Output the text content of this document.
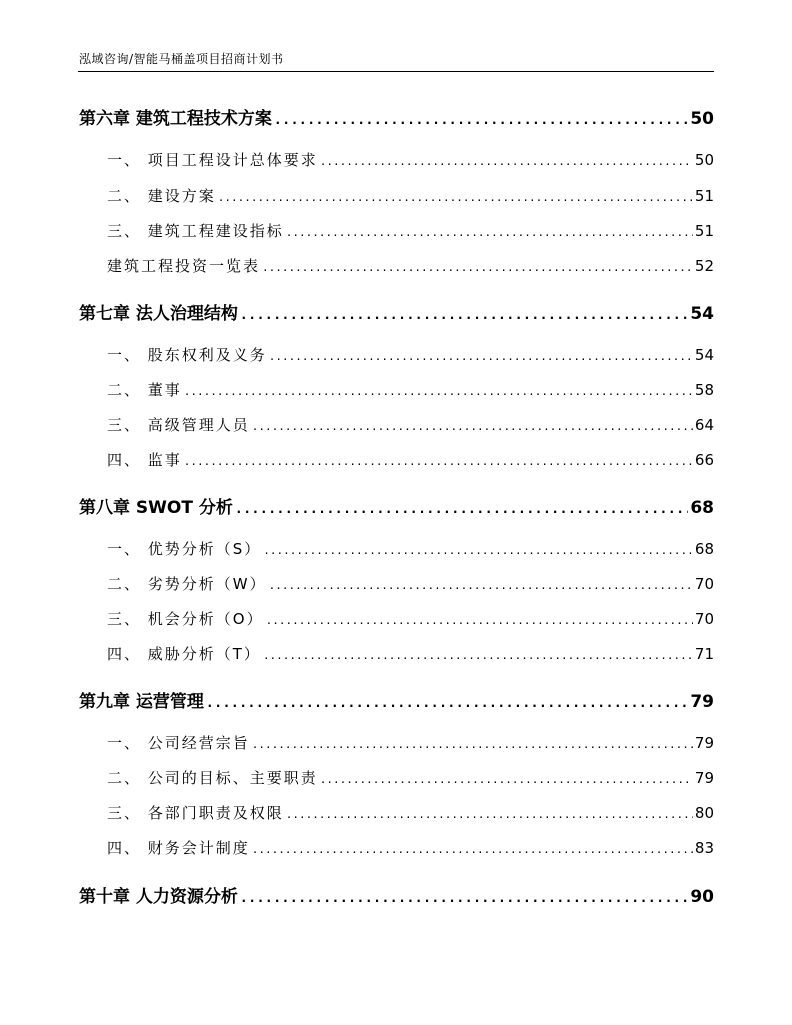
泓域咨询/智能马桶盖项目招商计划书
第六章 建筑工程技术方案 .....	50
一、 项目工程设计总体要求 .....	50
二、 建设方案 .....	51
三、 建筑工程建设指标 .....	51
建筑工程投资一览表 .....	52
第七章 法人治理结构 .....	54
一、 股东权利及义务 .....	54
二、 董事 .....	58
三、 高级管理人员 .....	64
四、 监事 .....	66
第八章 SWOT 分析 .....	68
一、 优势分析（S） .....	68
二、 劣势分析（W） .....	70
三、 机会分析（O） .....	70
四、 威胁分析（T） .....	71
第九章 运营管理 .....	79
一、 公司经营宗旨 .....	79
二、 公司的目标、主要职责 .....	79
三、 各部门职责及权限 .....	80
四、 财务会计制度 .....	83
第十章 人力资源分析 .....	90
